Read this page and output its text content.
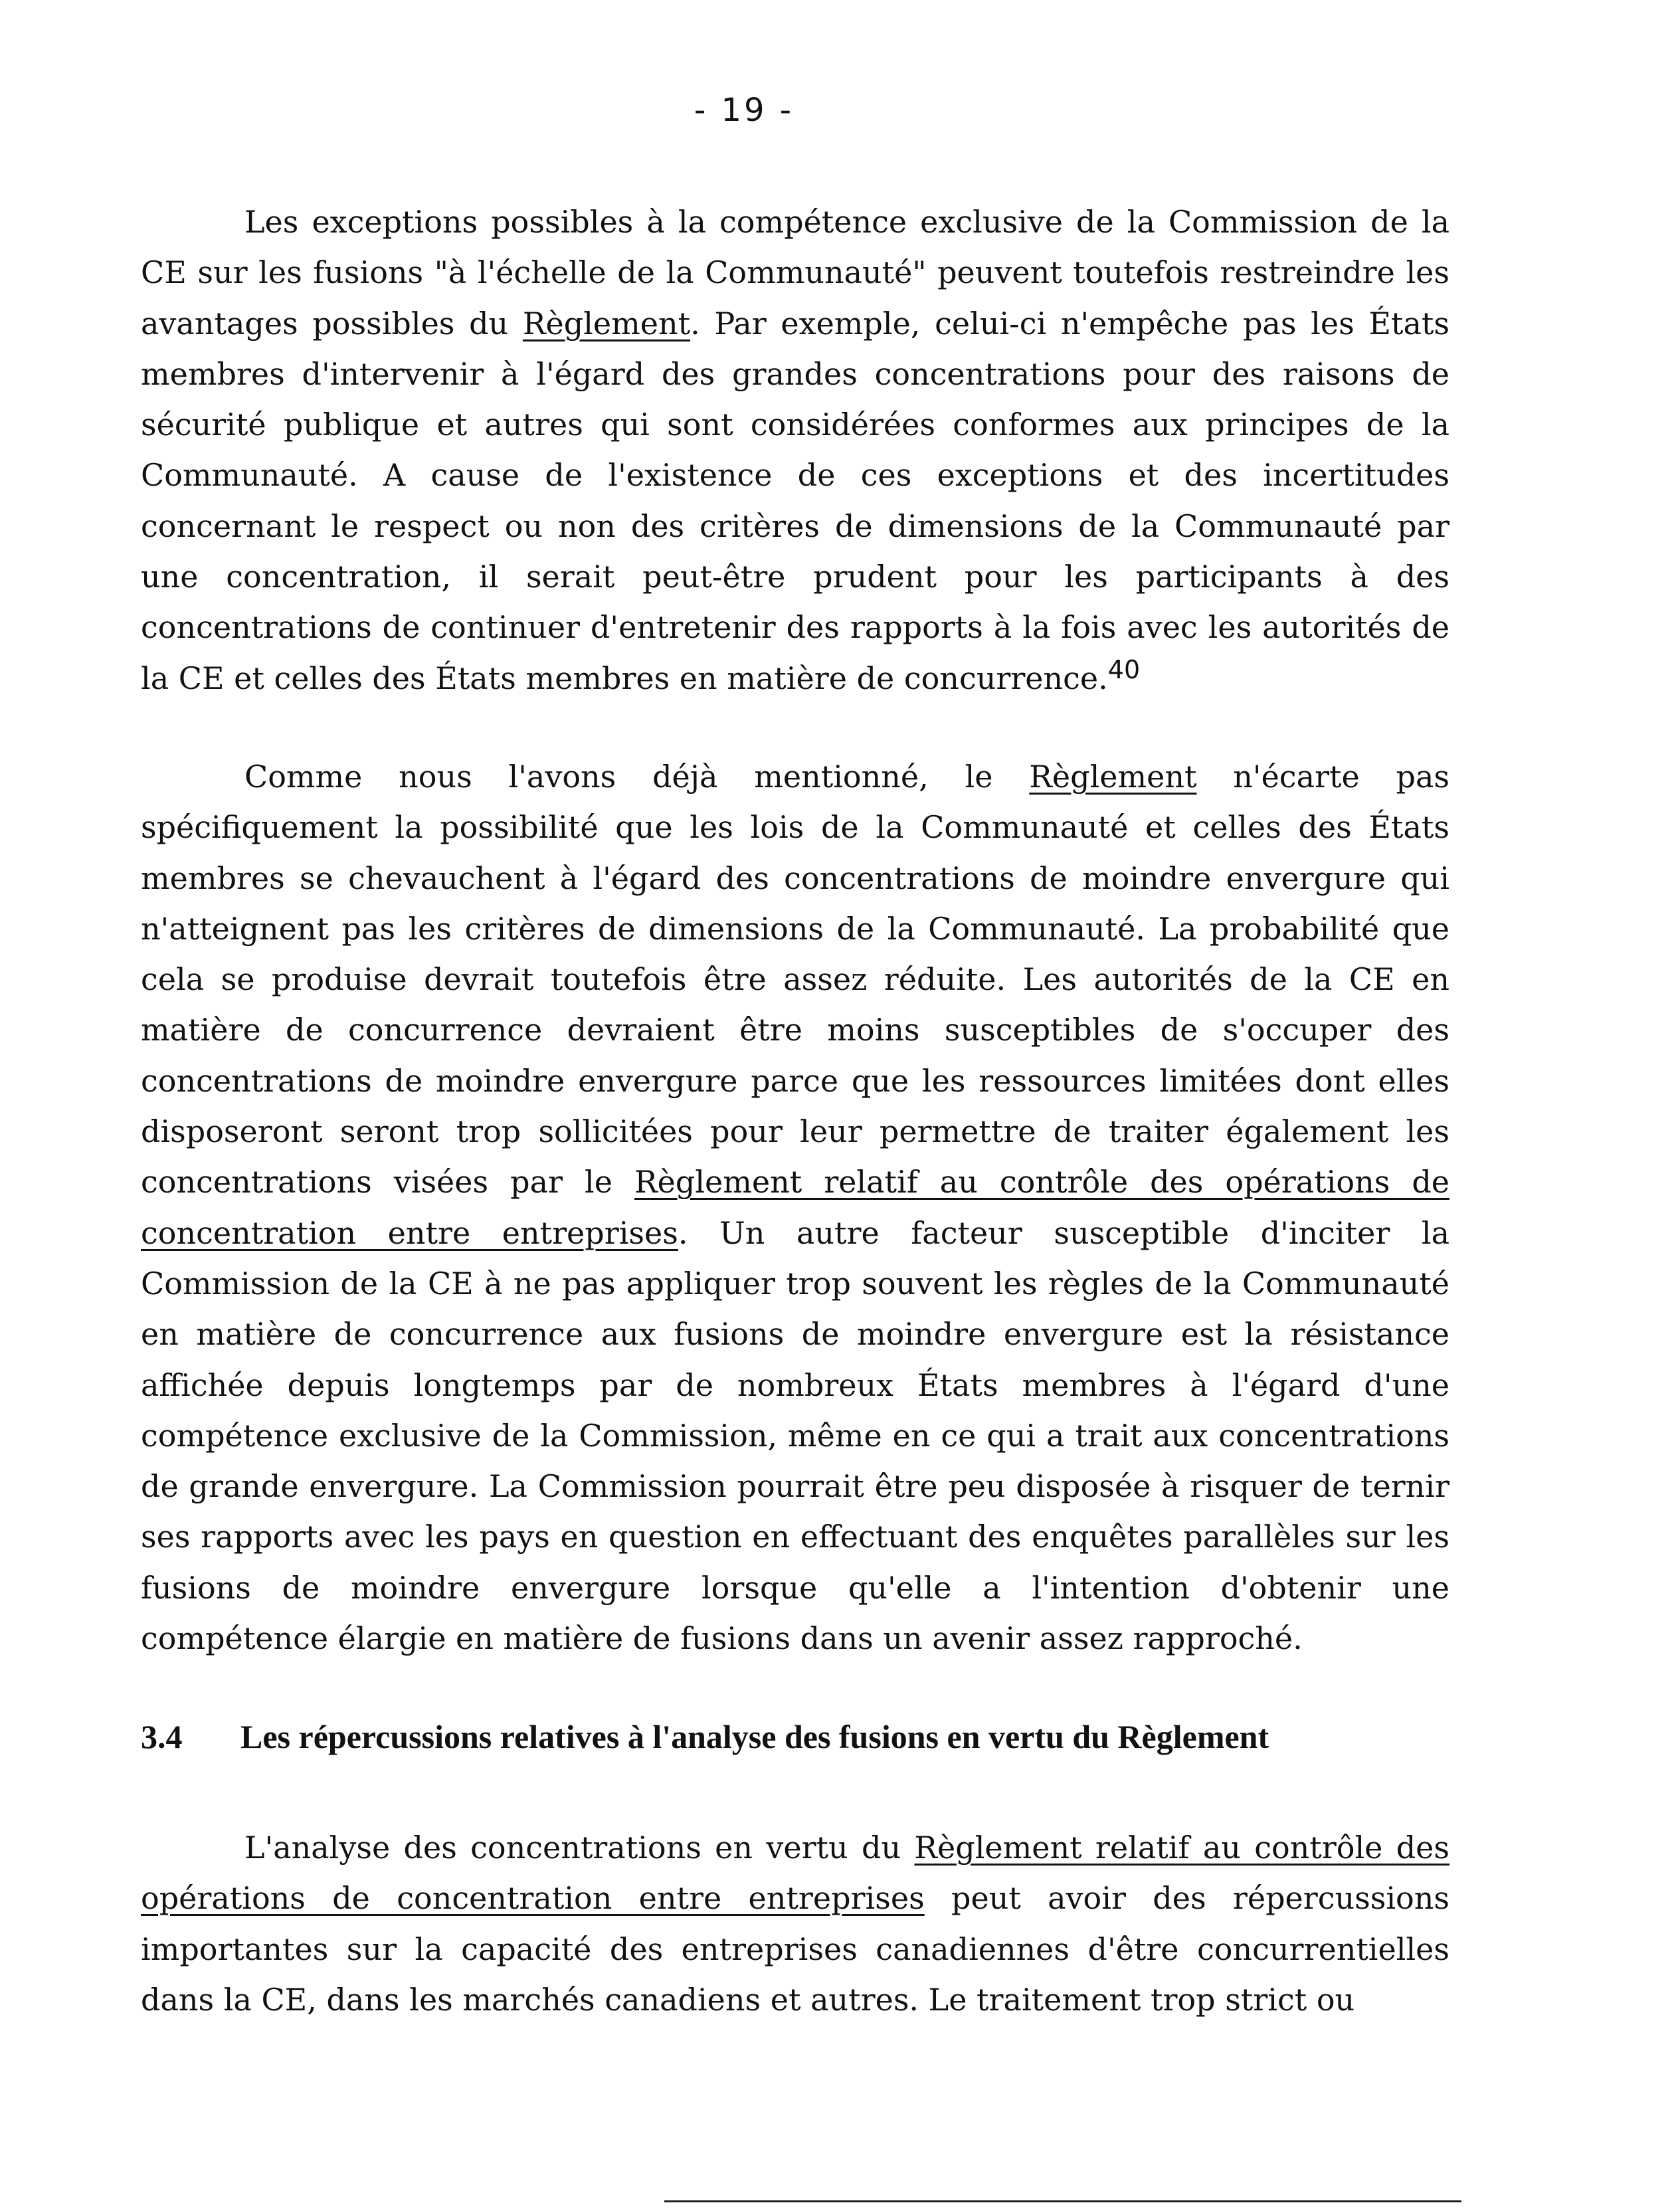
- 19 -

Les exceptions possibles à la compétence exclusive de la Commission de la CE sur les fusions "à l'échelle de la Communauté" peuvent toutefois restreindre les avantages possibles du Règlement. Par exemple, celui-ci n'empêche pas les États membres d'intervenir à l'égard des grandes concentrations pour des raisons de sécurité publique et autres qui sont considérées conformes aux principes de la Communauté. A cause de l'existence de ces exceptions et des incertitudes concernant le respect ou non des critères de dimensions de la Communauté par une concentration, il serait peut-être prudent pour les participants à des concentrations de continuer d'entretenir des rapports à la fois avec les autorités de la CE et celles des États membres en matière de concurrence.$^{40}$

Comme nous l'avons déjà mentionné, le Règlement n'écarte pas spécifiquement la possibilité que les lois de la Communauté et celles des États membres se chevauchent à l'égard des concentrations de moindre envergure qui n'atteignent pas les critères de dimensions de la Communauté. La probabilité que cela se produise devrait toutefois être assez réduite. Les autorités de la CE en matière de concurrence devraient être moins susceptibles de s'occuper des concentrations de moindre envergure parce que les ressources limitées dont elles disposeront seront trop sollicitées pour leur permettre de traiter également les concentrations visées par le Règlement relatif au contrôle des opérations de concentration entre entreprises. Un autre facteur susceptible d'inciter la Commission de la CE à ne pas appliquer trop souvent les règles de la Communauté en matière de concurrence aux fusions de moindre envergure est la résistance affichée depuis longtemps par de nombreux États membres à l'égard d'une compétence exclusive de la Commission, même en ce qui a trait aux concentrations de grande envergure. La Commission pourrait être peu disposée à risquer de ternir ses rapports avec les pays en question en effectuant des enquêtes parallèles sur les fusions de moindre envergure lorsque qu'elle a l'intention d'obtenir une compétence élargie en matière de fusions dans un avenir assez rapproché.

3.4 Les répercussions relatives à l'analyse des fusions en vertu du Règlement

L'analyse des concentrations en vertu du Règlement relatif au contrôle des opérations de concentration entre entreprises peut avoir des répercussions importantes sur la capacité des entreprises canadiennes d'être concurrentielles dans la CE, dans les marchés canadiens et autres. Le traitement trop strict ou
